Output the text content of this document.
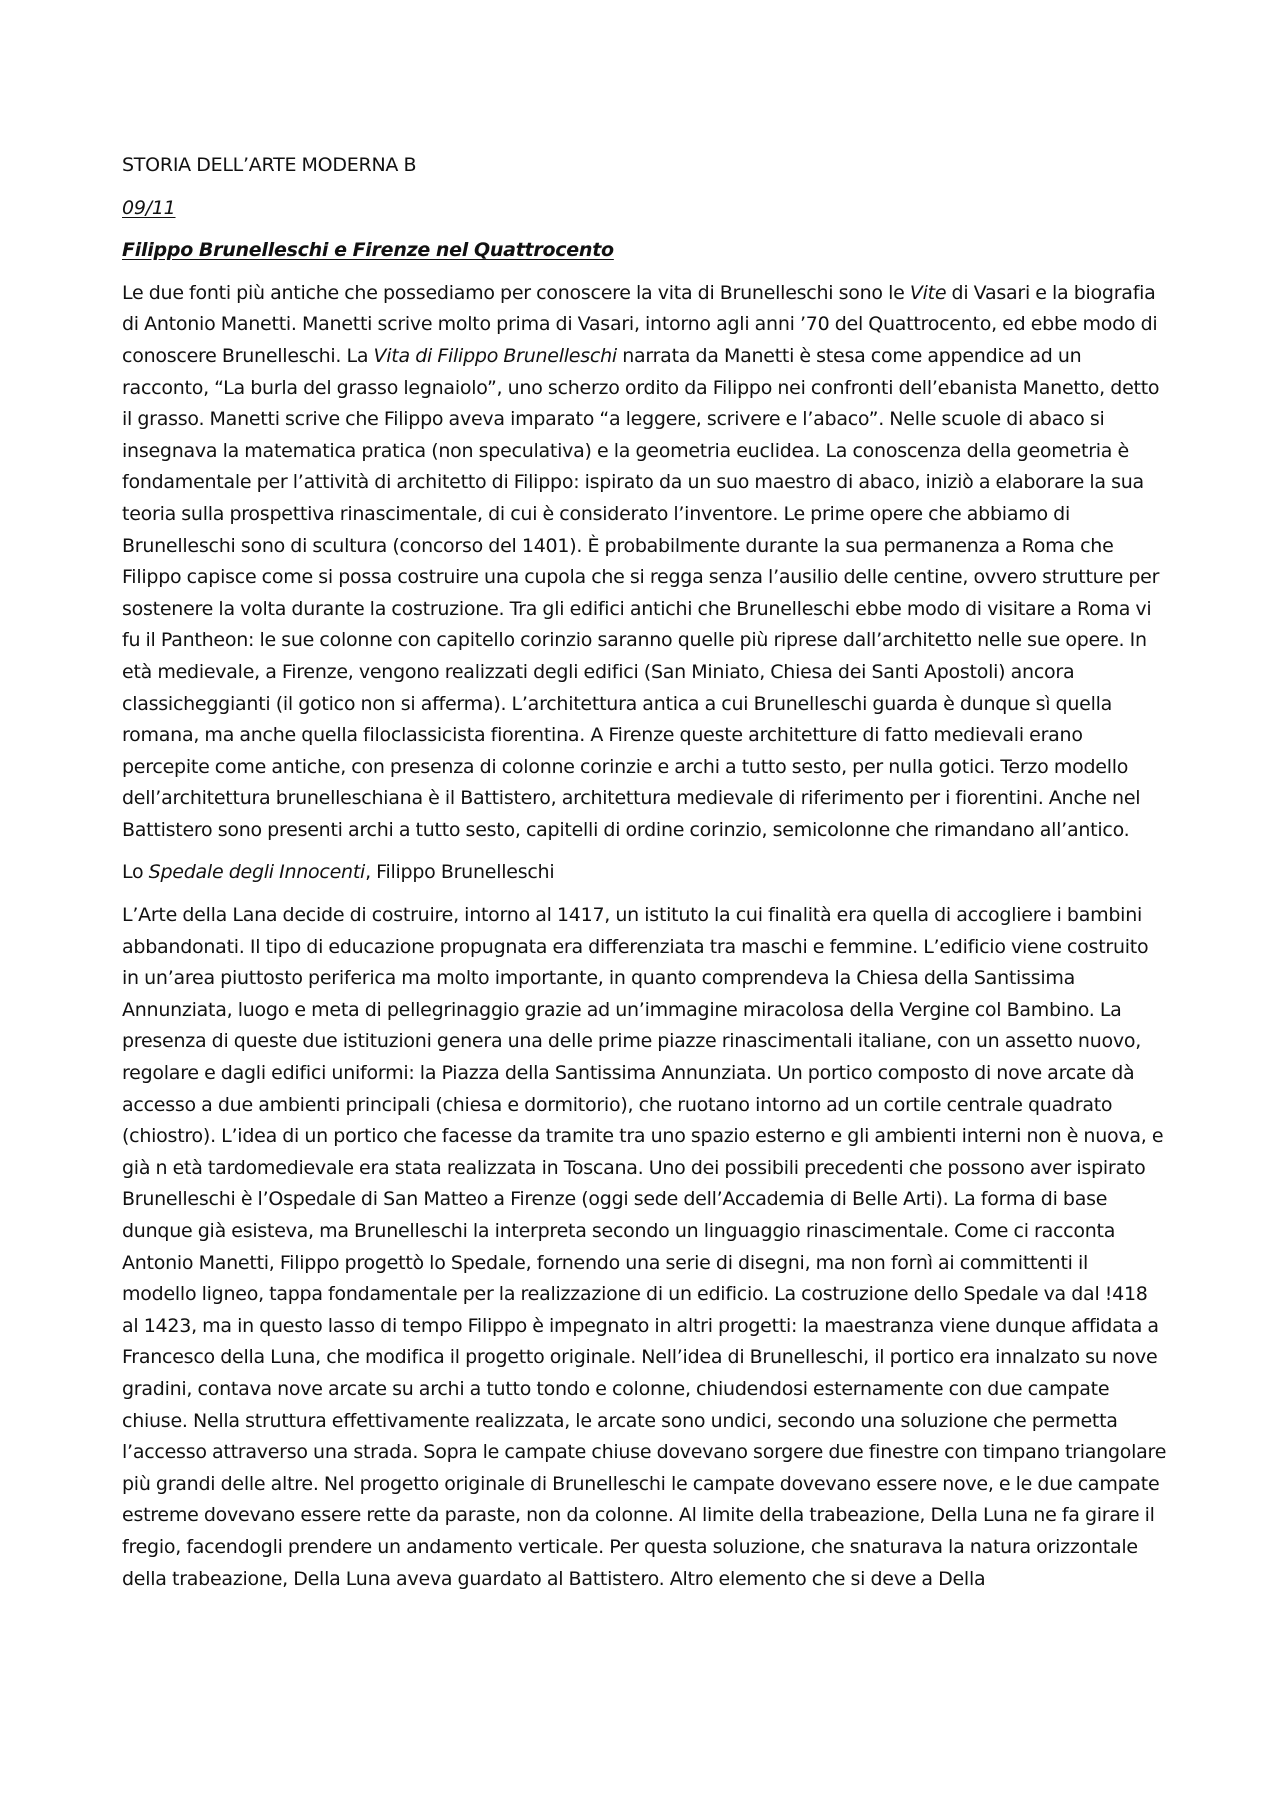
STORIA DELL’ARTE MODERNA B

09/11

Filippo Brunelleschi e Firenze nel Quattrocento

Le due fonti più antiche che possediamo per conoscere la vita di Brunelleschi sono le Vite di Vasari e la biografia di Antonio Manetti. Manetti scrive molto prima di Vasari, intorno agli anni ’70 del Quattrocento, ed ebbe modo di conoscere Brunelleschi. La Vita di Filippo Brunelleschi narrata da Manetti è stesa come appendice ad un racconto, “La burla del grasso legnaiolo”, uno scherzo ordito da Filippo nei confronti dell’ebanista Manetto, detto il grasso. Manetti scrive che Filippo aveva imparato “a leggere, scrivere e l’abaco”. Nelle scuole di abaco si insegnava la matematica pratica (non speculativa) e la geometria euclidea. La conoscenza della geometria è fondamentale per l’attività di architetto di Filippo: ispirato da un suo maestro di abaco, iniziò a elaborare la sua teoria sulla prospettiva rinascimentale, di cui è considerato l’inventore. Le prime opere che abbiamo di Brunelleschi sono di scultura (concorso del 1401). È probabilmente durante la sua permanenza a Roma che Filippo capisce come si possa costruire una cupola che si regga senza l’ausilio delle centine, ovvero strutture per sostenere la volta durante la costruzione. Tra gli edifici antichi che Brunelleschi ebbe modo di visitare a Roma vi fu il Pantheon: le sue colonne con capitello corinzio saranno quelle più riprese dall’architetto nelle sue opere. In età medievale, a Firenze, vengono realizzati degli edifici (San Miniato, Chiesa dei Santi Apostoli) ancora classicheggianti (il gotico non si afferma). L’architettura antica a cui Brunelleschi guarda è dunque sì quella romana, ma anche quella filoclassicista fiorentina. A Firenze queste architetture di fatto medievali erano percepite come antiche, con presenza di colonne corinzie e archi a tutto sesto, per nulla gotici. Terzo modello dell’architettura brunelleschiana è il Battistero, architettura medievale di riferimento per i fiorentini. Anche nel Battistero sono presenti archi a tutto sesto, capitelli di ordine corinzio, semicolonne che rimandano all’antico.

Lo Spedale degli Innocenti, Filippo Brunelleschi

L’Arte della Lana decide di costruire, intorno al 1417, un istituto la cui finalità era quella di accogliere i bambini abbandonati. Il tipo di educazione propugnata era differenziata tra maschi e femmine. L’edificio viene costruito in un’area piuttosto periferica ma molto importante, in quanto comprendeva la Chiesa della Santissima Annunziata, luogo e meta di pellegrinaggio grazie ad un’immagine miracolosa della Vergine col Bambino. La presenza di queste due istituzioni genera una delle prime piazze rinascimentali italiane, con un assetto nuovo, regolare e dagli edifici uniformi: la Piazza della Santissima Annunziata. Un portico composto di nove arcate dà accesso a due ambienti principali (chiesa e dormitorio), che ruotano intorno ad un cortile centrale quadrato (chiostro). L’idea di un portico che facesse da tramite tra uno spazio esterno e gli ambienti interni non è nuova, e già n età tardomedievale era stata realizzata in Toscana. Uno dei possibili precedenti che possono aver ispirato Brunelleschi è l’Ospedale di San Matteo a Firenze (oggi sede dell’Accademia di Belle Arti). La forma di base dunque già esisteva, ma Brunelleschi la interpreta secondo un linguaggio rinascimentale. Come ci racconta Antonio Manetti, Filippo progettò lo Spedale, fornendo una serie di disegni, ma non fornì ai committenti il modello ligneo, tappa fondamentale per la realizzazione di un edificio. La costruzione dello Spedale va dal !418 al 1423, ma in questo lasso di tempo Filippo è impegnato in altri progetti: la maestranza viene dunque affidata a Francesco della Luna, che modifica il progetto originale. Nell’idea di Brunelleschi, il portico era innalzato su nove gradini, contava nove arcate su archi a tutto tondo e colonne, chiudendosi esternamente con due campate chiuse. Nella struttura effettivamente realizzata, le arcate sono undici, secondo una soluzione che permetta l’accesso attraverso una strada. Sopra le campate chiuse dovevano sorgere due finestre con timpano triangolare più grandi delle altre. Nel progetto originale di Brunelleschi le campate dovevano essere nove, e le due campate estreme dovevano essere rette da paraste, non da colonne. Al limite della trabeazione, Della Luna ne fa girare il fregio, facendogli prendere un andamento verticale. Per questa soluzione, che snaturava la natura orizzontale della trabeazione, Della Luna aveva guardato al Battistero. Altro elemento che si deve a Della
